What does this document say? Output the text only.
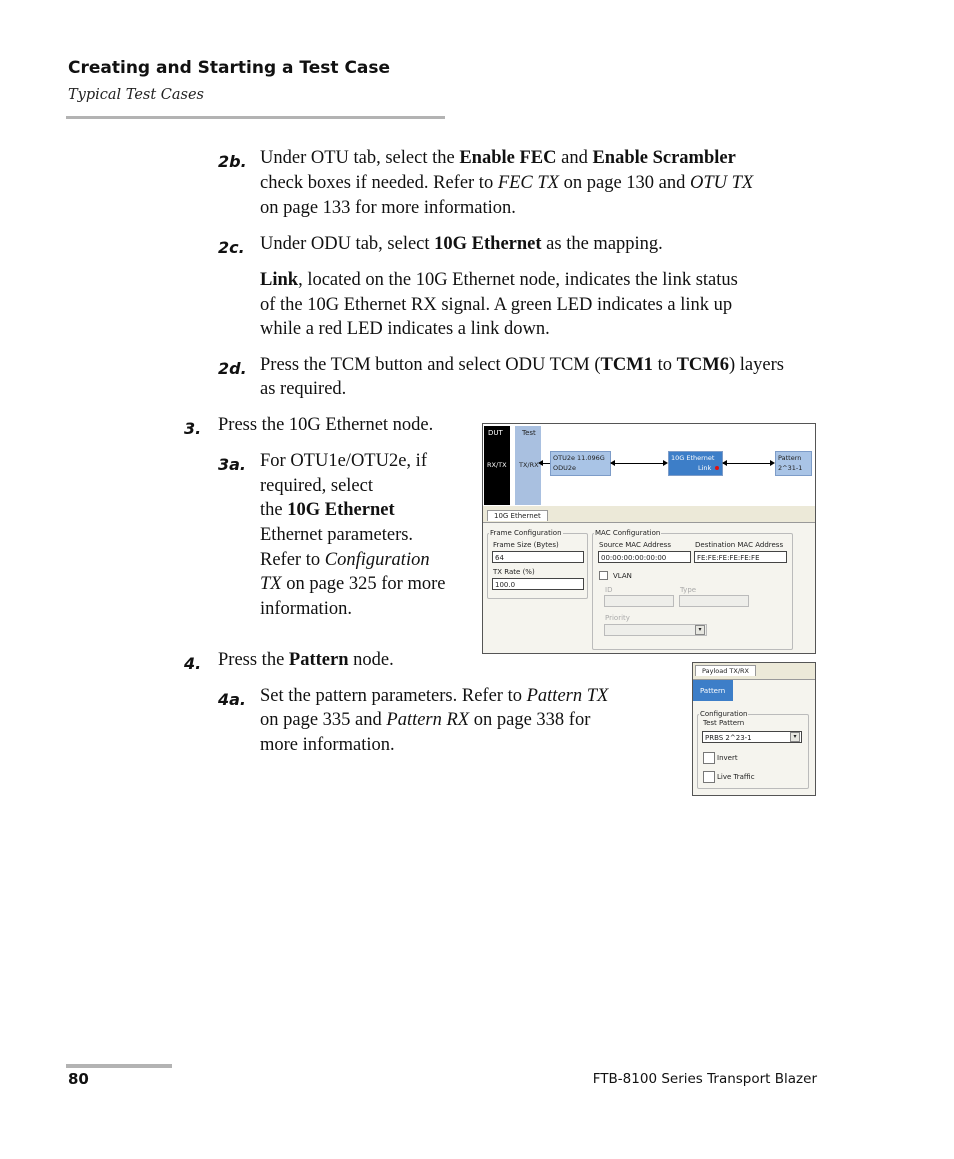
Creating and Starting a Test Case
Typical Test Cases
2b. Under OTU tab, select the Enable FEC and Enable Scrambler
check boxes if needed. Refer to FEC TX on page 130 and OTU TX
on page 133 for more information.
2c. Under ODU tab, select 10G Ethernet as the mapping.
Link, located on the 10G Ethernet node, indicates the link status
of the 10G Ethernet RX signal. A green LED indicates a link up
while a red LED indicates a link down.
2d. Press the TCM button and select ODU TCM (TCM1 to TCM6) layers
as required.
3. Press the 10G Ethernet node.
3a. For OTU1e/OTU2e, if
required, select
the 10G Ethernet
Ethernet parameters.
Refer to Configuration
TX on page 325 for more
information.
4. Press the Pattern node.
4a. Set the pattern parameters. Refer to Pattern TX
on page 335 and Pattern RX on page 338 for
more information.
DUT
RX/TX
Test
TX/RX
OTU2e 11.096G
ODU2e
10G Ethernet
Link
Pattern
2^31-1
10G Ethernet
Frame Configuration
Frame Size (Bytes)
64
TX Rate (%)
100.0
MAC Configuration
Source MAC Address
00:00:00:00:00:00
Destination MAC Address
FE:FE:FE:FE:FE:FE
VLAN
ID	Type
Priority
▾
Payload TX/RX
Pattern
Configuration
Test Pattern
PRBS 2^23-1	▾
Invert
Live Traffic
80	FTB-8100 Series Transport Blazer
